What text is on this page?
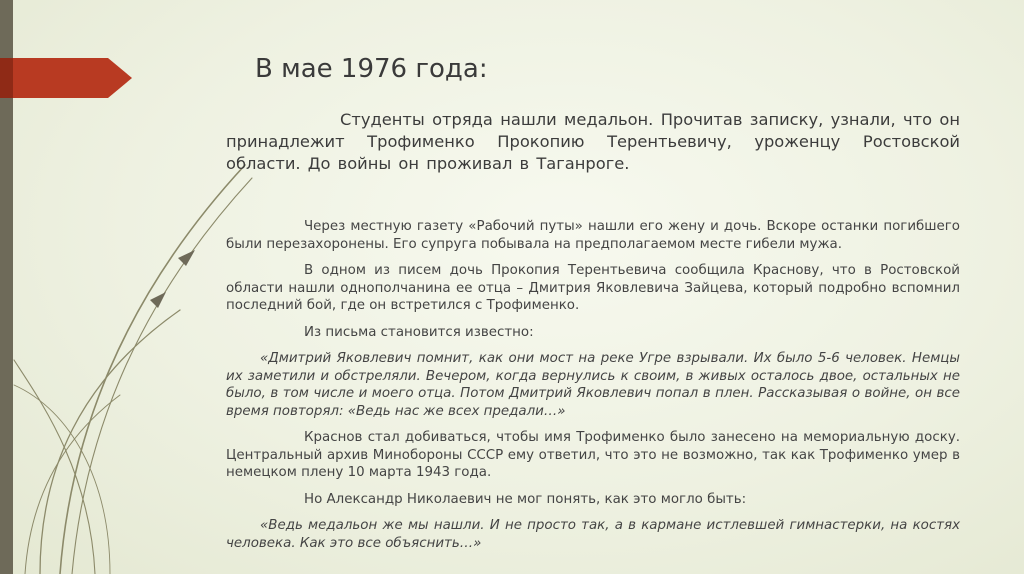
В мае 1976 года:

Студенты отряда нашли медальон. Прочитав записку, узнали, что он принадлежит Трофименко Прокопию Терентьевичу, уроженцу Ростовской области. До войны он проживал в Таганроге.

Через местную газету «Рабочий путы» нашли его жену и дочь. Вскоре останки погибшего были перезахоронены. Его супруга побывала на предполагаемом месте гибели мужа.

В одном из писем дочь Прокопия Терентьевича сообщила Краснову, что в Ростовской области нашли однополчанина ее отца – Дмитрия Яковлевича Зайцева, который подробно вспомнил последний бой, где он встретился с Трофименко.

Из письма становится известно:

«Дмитрий Яковлевич помнит, как они мост на реке Угре взрывали. Их было 5-6 человек. Немцы их заметили и обстреляли. Вечером, когда вернулись к своим, в живых осталось двое, остальных не было, в том числе и моего отца. Потом Дмитрий Яковлевич попал в плен. Рассказывая о войне, он все время повторял: «Ведь нас же всех предали…»

Краснов стал добиваться, чтобы имя Трофименко было занесено на мемориальную доску. Центральный архив Минобороны СССР ему ответил, что это не возможно, так как Трофименко умер в немецком плену 10 марта 1943 года.

Но Александр Николаевич не мог понять, как это могло быть:

«Ведь медальон же мы нашли. И не просто так, а в кармане истлевшей гимнастерки, на костях человека. Как это все объяснить…»
